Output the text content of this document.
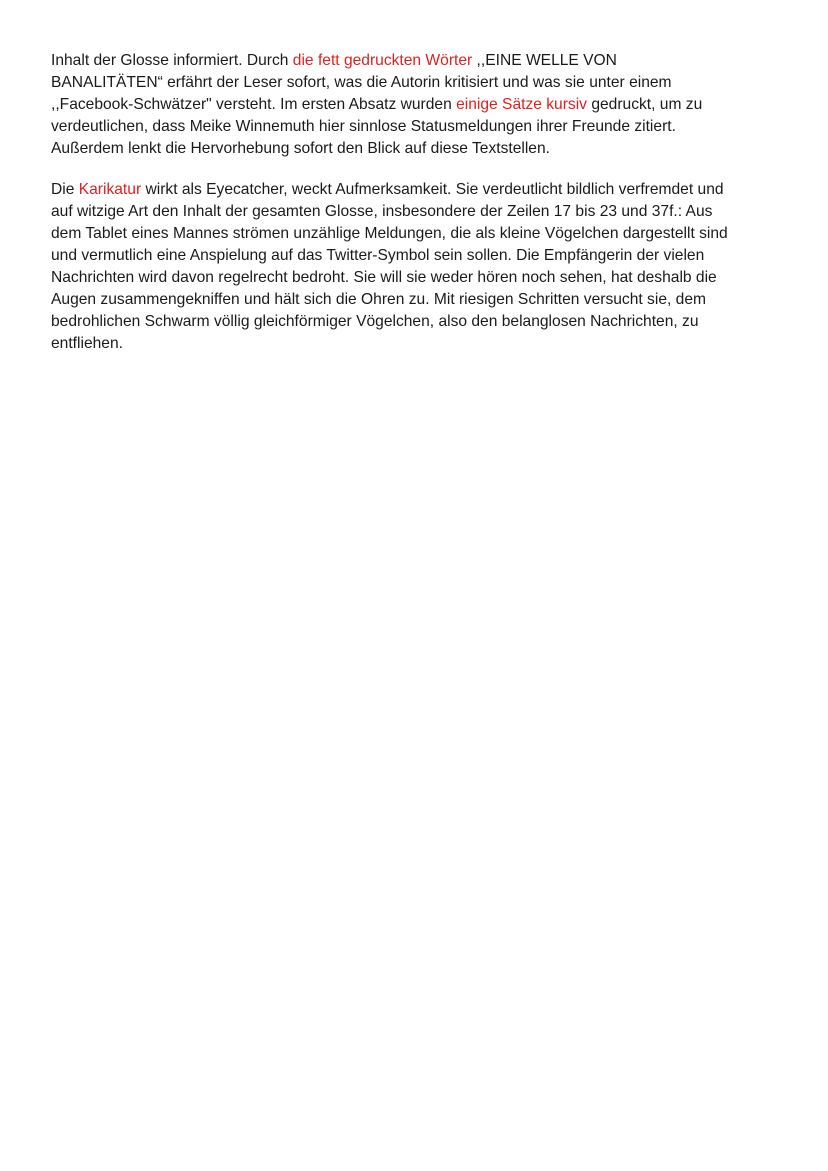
Inhalt der Glosse informiert. Durch die fett gedruckten Wörter ,,EINE WELLE VON
BANALITÄTEN“ erfährt der Leser sofort, was die Autorin kritisiert und was sie unter einem
,,Facebook-Schwätzer" versteht. Im ersten Absatz wurden einige Sätze kursiv gedruckt, um zu
verdeutlichen, dass Meike Winnemuth hier sinnlose Statusmeldungen ihrer Freunde zitiert.
Außerdem lenkt die Hervorhebung sofort den Blick auf diese Textstellen.
Die Karikatur wirkt als Eyecatcher, weckt Aufmerksamkeit. Sie verdeutlicht bildlich verfremdet und
auf witzige Art den Inhalt der gesamten Glosse, insbesondere der Zeilen 17 bis 23 und 37f.: Aus
dem Tablet eines Mannes strömen unzählige Meldungen, die als kleine Vögelchen dargestellt sind
und vermutlich eine Anspielung auf das Twitter-Symbol sein sollen. Die Empfängerin der vielen
Nachrichten wird davon regelrecht bedroht. Sie will sie weder hören noch sehen, hat deshalb die
Augen zusammengekniffen und hält sich die Ohren zu. Mit riesigen Schritten versucht sie, dem
bedrohlichen Schwarm völlig gleichförmiger Vögelchen, also den belanglosen Nachrichten, zu
entfliehen.
